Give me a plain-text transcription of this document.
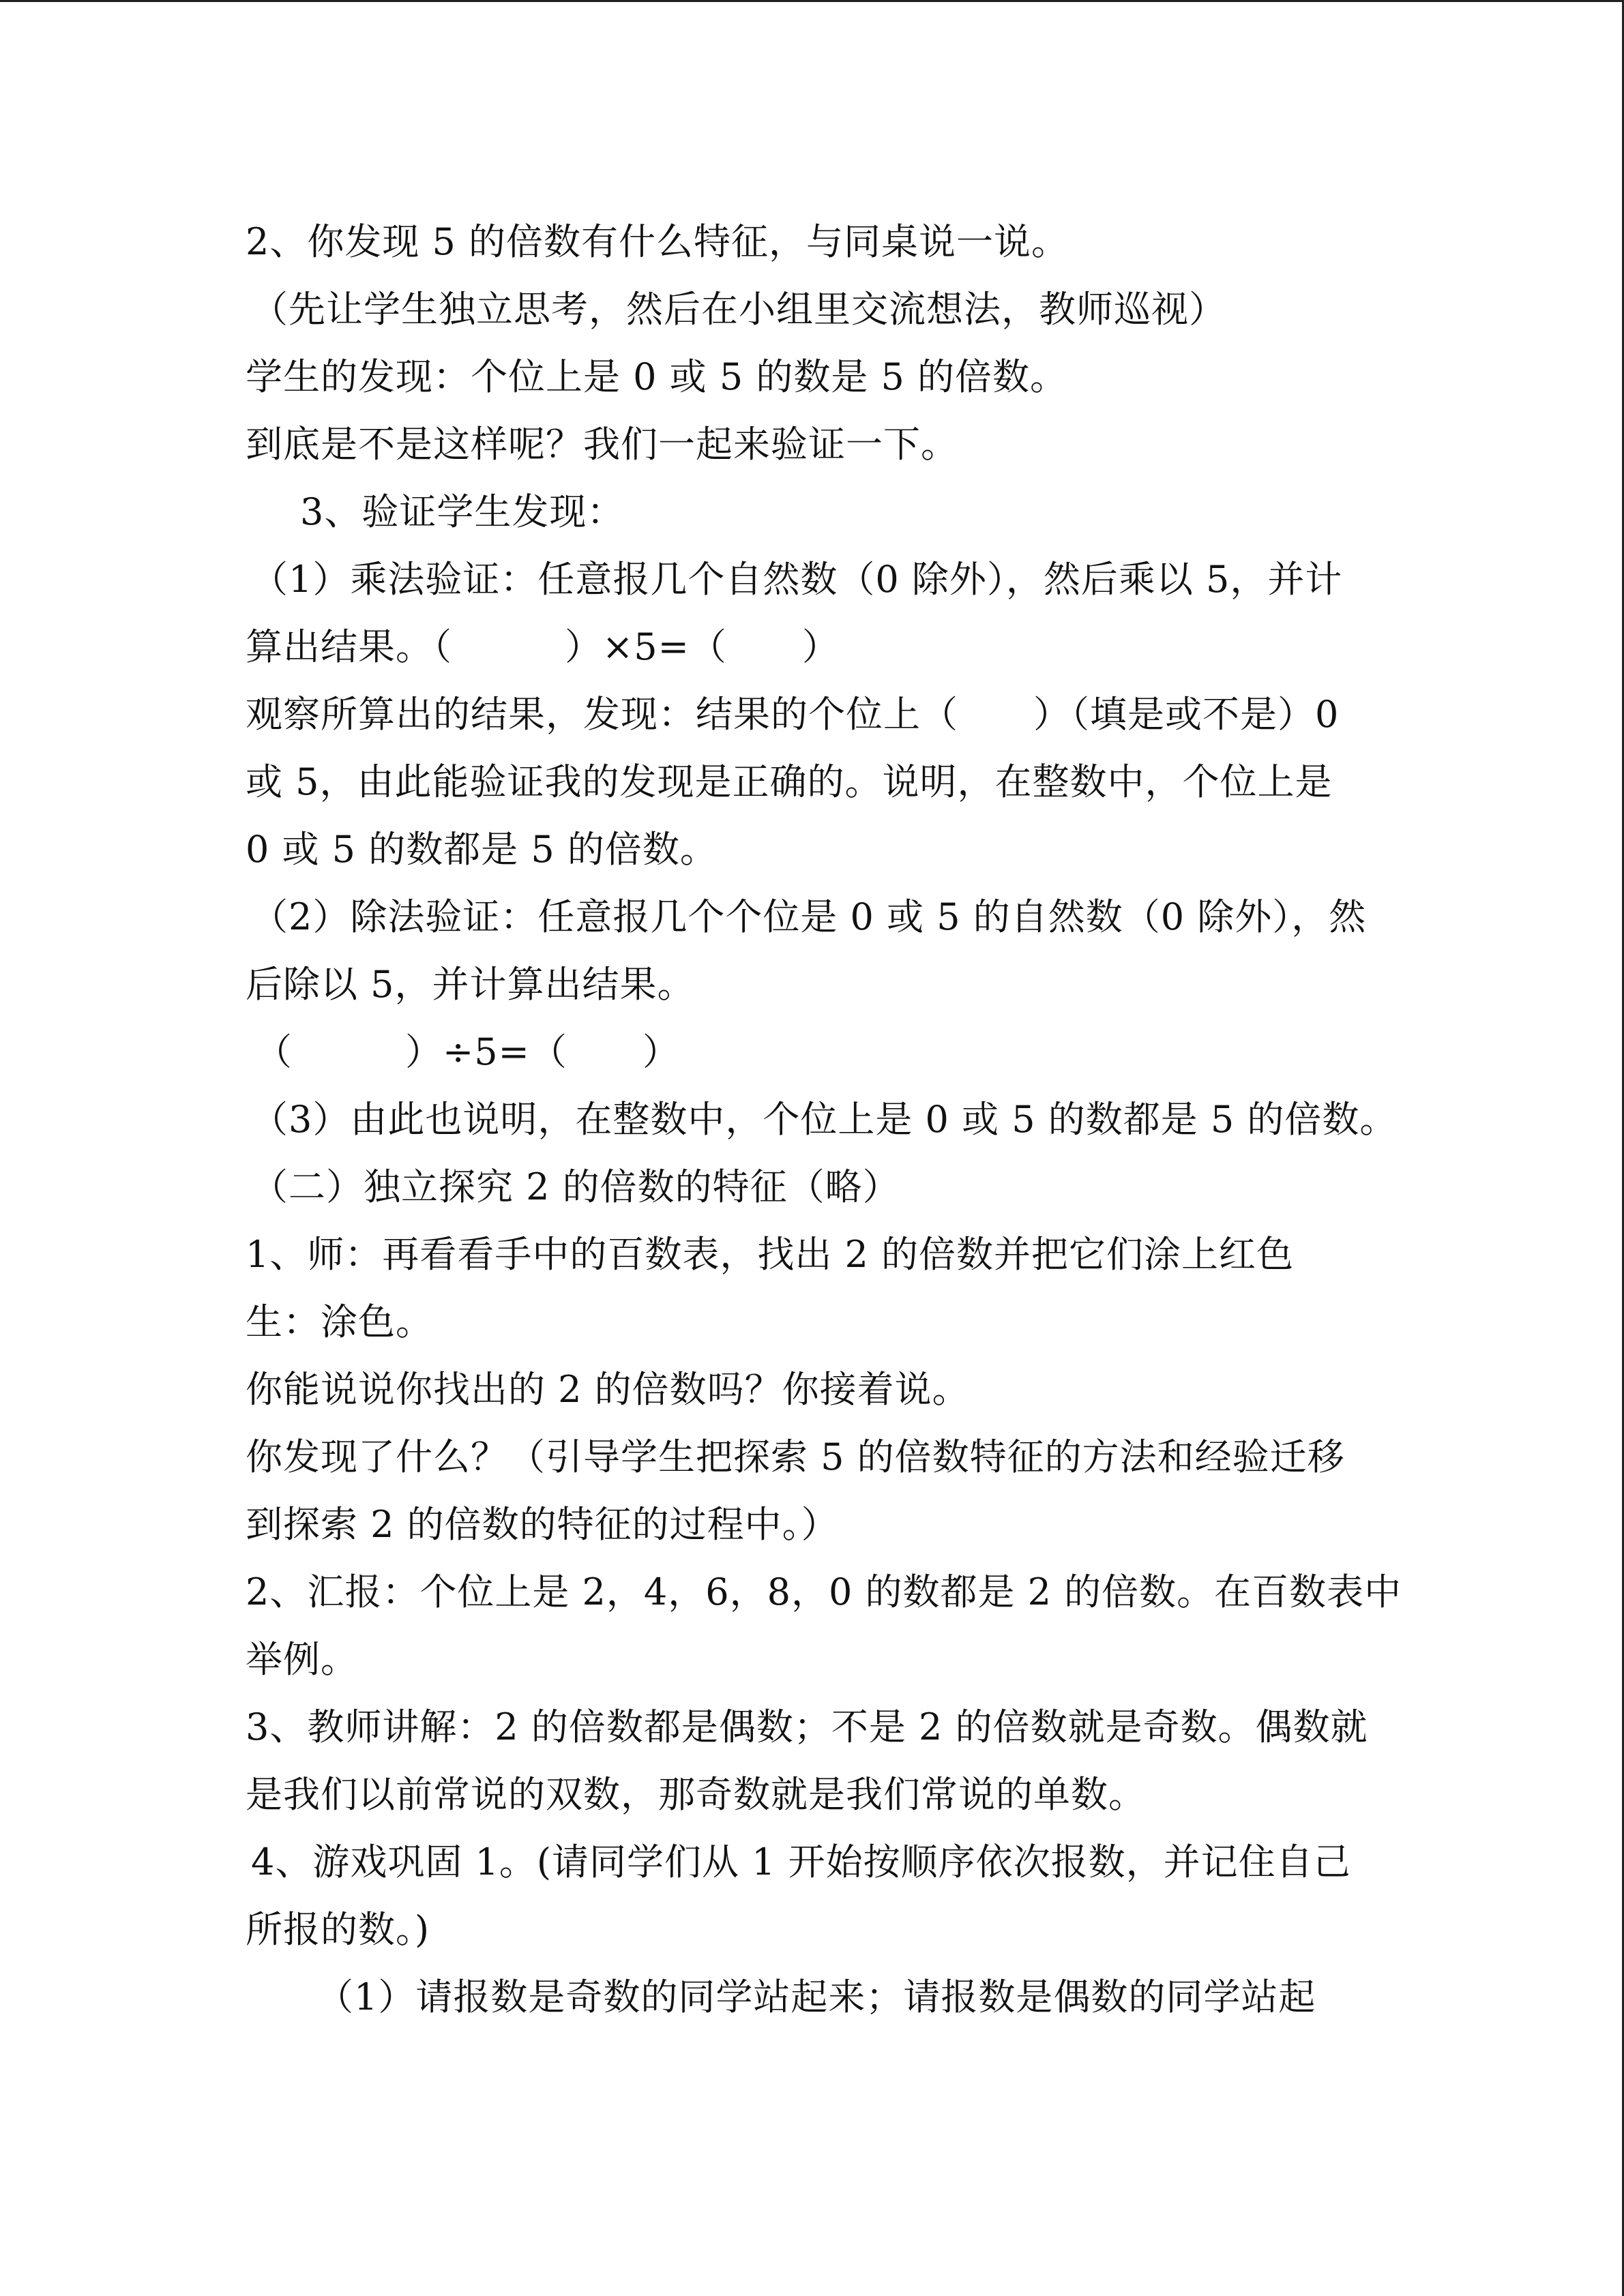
2、你发现 5 的倍数有什么特征，与同桌说一说。
（先让学生独立思考，然后在小组里交流想法，教师巡视）
学生的发现：个位上是 0 或 5 的数是 5 的倍数。
到底是不是这样呢？我们一起来验证一下。
3、验证学生发现：
（1）乘法验证：任意报几个自然数（0 除外），然后乘以 5，并计
算出结果。（　　　）×5=（　　）
观察所算出的结果，发现：结果的个位上（　　）（填是或不是）0
或 5，由此能验证我的发现是正确的。说明，在整数中，个位上是
0 或 5 的数都是 5 的倍数。
（2）除法验证：任意报几个个位是 0 或 5 的自然数（0 除外），然
后除以 5，并计算出结果。
（　　　）÷5=（　　）
（3）由此也说明，在整数中，个位上是 0 或 5 的数都是 5 的倍数。
（二）独立探究 2 的倍数的特征（略）
1、师：再看看手中的百数表，找出 2 的倍数并把它们涂上红色
生：涂色。
你能说说你找出的 2 的倍数吗？你接着说。
你发现了什么？（引导学生把探索 5 的倍数特征的方法和经验迁移
到探索 2 的倍数的特征的过程中。）
2、汇报：个位上是 2，4，6，8，0 的数都是 2 的倍数。在百数表中
举例。
3、教师讲解：2 的倍数都是偶数；不是 2 的倍数就是奇数。偶数就
是我们以前常说的双数，那奇数就是我们常说的单数。
4、游戏巩固 1。(请同学们从 1 开始按顺序依次报数，并记住自己
所报的数。)
（1）请报数是奇数的同学站起来；请报数是偶数的同学站起
